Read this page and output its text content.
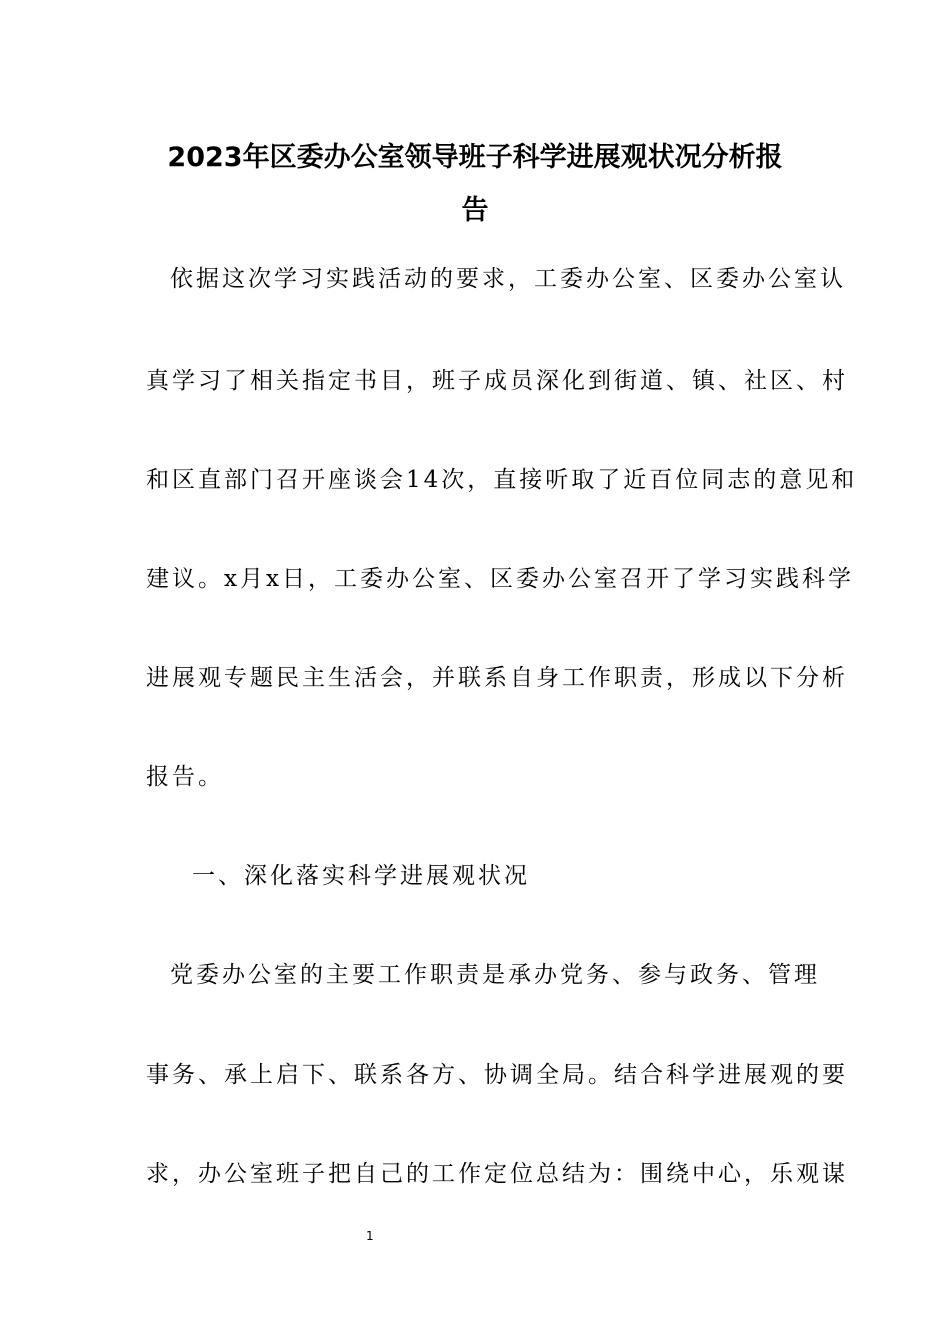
2023年区委办公室领导班子科学进展观状况分析报
告
依据这次学习实践活动的要求，工委办公室、区委办公室认
真学习了相关指定书目，班子成员深化到街道、镇、社区、村
和区直部门召开座谈会14次，直接听取了近百位同志的意见和
建议。x月x日，工委办公室、区委办公室召开了学习实践科学
进展观专题民主生活会，并联系自身工作职责，形成以下分析
报告。
一、深化落实科学进展观状况
党委办公室的主要工作职责是承办党务、参与政务、管理
事务、承上启下、联系各方、协调全局。结合科学进展观的要
求，办公室班子把自己的工作定位总结为：围绕中心，乐观谋
1
